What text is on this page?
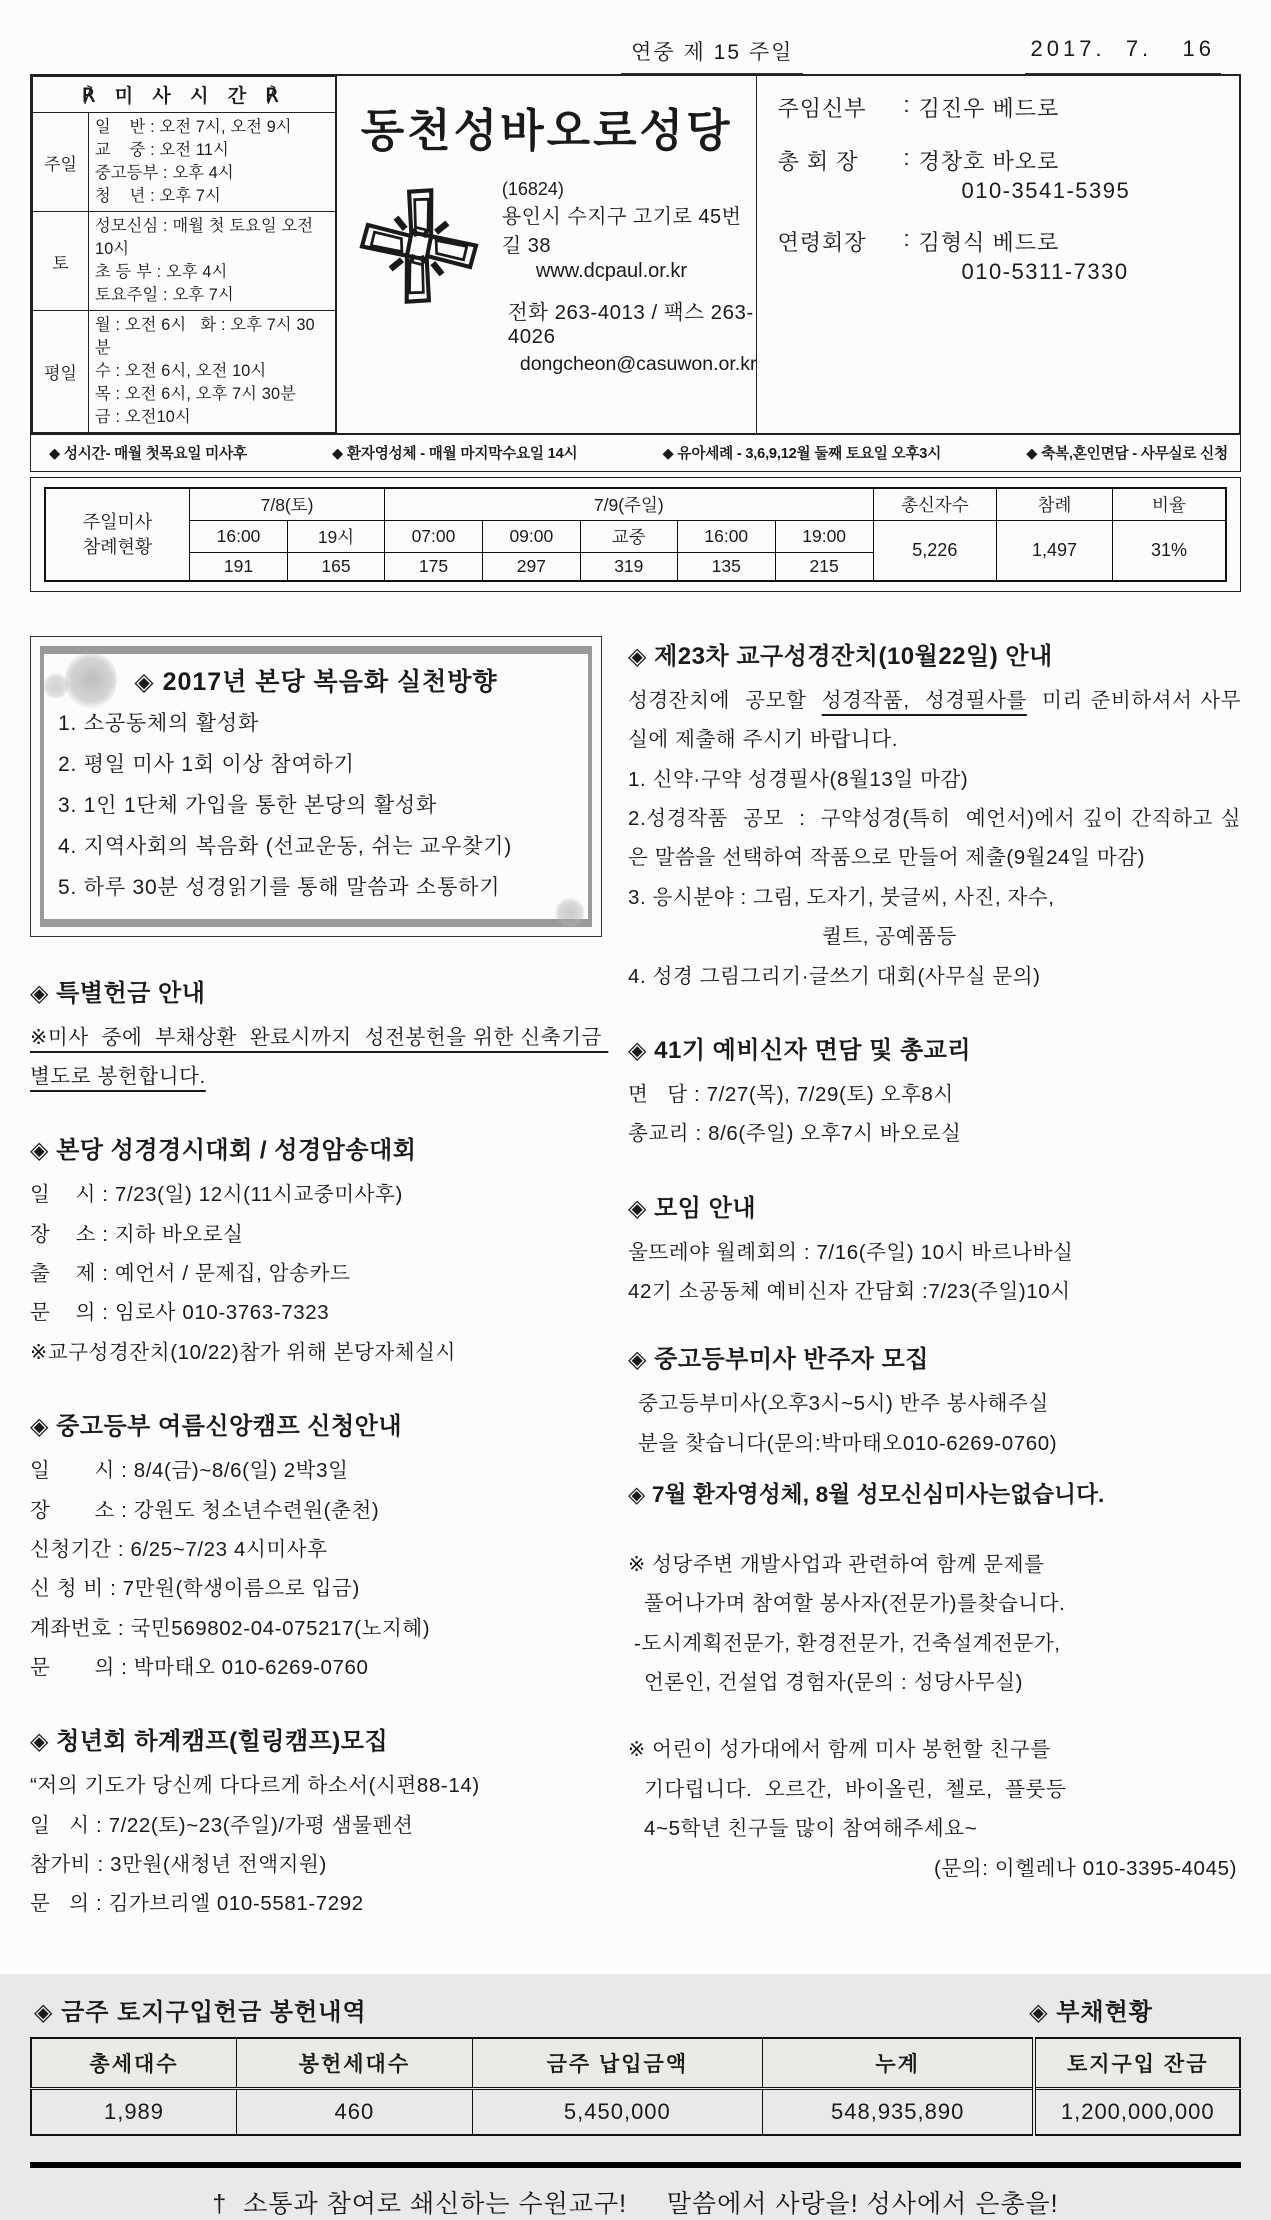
연중 제 15 주일	2017.  7.   16
℟ 미 사 시 간 ℟	
주일	일    반 : 오전 7시, 오전 9시
교    중 : 오전 11시
중고등부 : 오후 4시
청    년 : 오후 7시

토	성모신심 : 매월 첫 토요일 오전 10시
초 등 부 : 오후 4시
토요주일 : 오후 7시

평일	월 : 오전 6시   화 : 오후 7시 30분
수 : 오전 6시, 오전 10시
목 : 오전 6시, 오후 7시 30분
금 : 오전10시
동천성바오로성당
(16824)
용인시 수지구 고기로 45번길 38
www.dcpaul.or.kr
전화 263-4013 / 팩스 263-4026
dongcheon@casuwon.or.kr
주임신부	: 김진우 베드로
총 회 장	: 경창호 바오로
010-3541-5395
연령회장	: 김형식 베드로
010-5311-7330
◆ 성시간- 매월 첫목요일 미사후	◆ 환자영성체 - 매월 마지막수요일 14시	◆ 유아세례 - 3,6,9,12월 둘째 토요일 오후3시	◆ 축복,혼인면담 - 사무실로 신청
주일미사
참례현황	7/8(토)		7/9(주일)					총신자수	참례	비율
	16:00	19시	07:00	09:00	교중	16:00	19:00	5,226	1,497	31%
	191	165	175	297	319	135	215			
◈ 2017년 본당 복음화 실천방향
1. 소공동체의 활성화
2. 평일 미사 1회 이상 참여하기
3. 1인 1단체 가입을 통한 본당의 활성화
4. 지역사회의 복음화 (선교운동, 쉬는 교우찾기)
5. 하루 30분 성경읽기를 통해 말씀과 소통하기
◈ 특별헌금 안내
※미사  중에  부채상환  완료시까지  성전봉헌을 위한 신축기금 별도로 봉헌합니다.
◈ 본당 성경경시대회 / 성경암송대회
일    시 : 7/23(일) 12시(11시교중미사후)
장    소 : 지하 바오로실
출    제 : 예언서 / 문제집, 암송카드
문    의 : 임로사 010-3763-7323
※교구성경잔치(10/22)참가 위해 본당자체실시
◈ 중고등부 여름신앙캠프 신청안내
일       시 : 8/4(금)~8/6(일) 2박3일
장       소 : 강원도 청소년수련원(춘천)
신청기간 : 6/25~7/23 4시미사후
신 청 비 : 7만원(학생이름으로 입금)
계좌번호 : 국민569802-04-075217(노지혜)
문       의 : 박마태오 010-6269-0760
◈ 청년회 하계캠프(힐링캠프)모집
“저의 기도가 당신께 다다르게 하소서(시편88-14)
일   시 : 7/22(토)~23(주일)/가평 샘물펜션
참가비 : 3만원(새청년 전액지원)
문   의 : 김가브리엘 010-5581-7292
◈ 제23차 교구성경잔치(10월22일) 안내
성경잔치에  공모할  성경작품,  성경필사를  미리 준비하셔서 사무실에 제출해 주시기 바랍니다.
1. 신약·구약 성경필사(8월13일 마감)
2.성경작품  공모  :  구약성경(특히  예언서)에서 깊이 간직하고 싶은 말씀을 선택하여 작품으로 만들어 제출(9월24일 마감)
3. 응시분야 : 그림, 도자기, 붓글씨, 사진, 자수,
퀼트, 공예품등
4. 성경 그림그리기·글쓰기 대회(사무실 문의)
◈ 41기 예비신자 면담 및 총교리
면   담 : 7/27(목), 7/29(토) 오후8시
총교리 : 8/6(주일) 오후7시 바오로실
◈ 모임 안내
울뜨레야 월례회의 : 7/16(주일) 10시 바르나바실
42기 소공동체 예비신자 간담회 :7/23(주일)10시
◈ 중고등부미사 반주자 모집
중고등부미사(오후3시~5시) 반주 봉사해주실
분을 찾습니다(문의:박마태오010-6269-0760)
◈ 7월 환자영성체, 8월 성모신심미사는없습니다.
※ 성당주변 개발사업과 관련하여 함께 문제를
풀어나가며 참여할 봉사자(전문가)를찾습니다.
-도시계획전문가, 환경전문가, 건축설계전문가,
언론인, 건설업 경험자(문의 : 성당사무실)
※ 어린이 성가대에서 함께 미사 봉헌할 친구를
기다립니다.  오르간,  바이올린,  첼로,  플룻등
4~5학년 친구들 많이 참여해주세요~
(문의: 이헬레나 010-3395-4045)
◈ 금주 토지구입헌금 봉헌내역	◈ 부채현황
총세대수	봉헌세대수	금주 납입금액	누계	토지구입 잔금
1,989	460	5,450,000	548,935,890	1,200,000,000
†  소통과 참여로 쇄신하는 수원교구!     말씀에서 사랑을! 성사에서 은총을!
